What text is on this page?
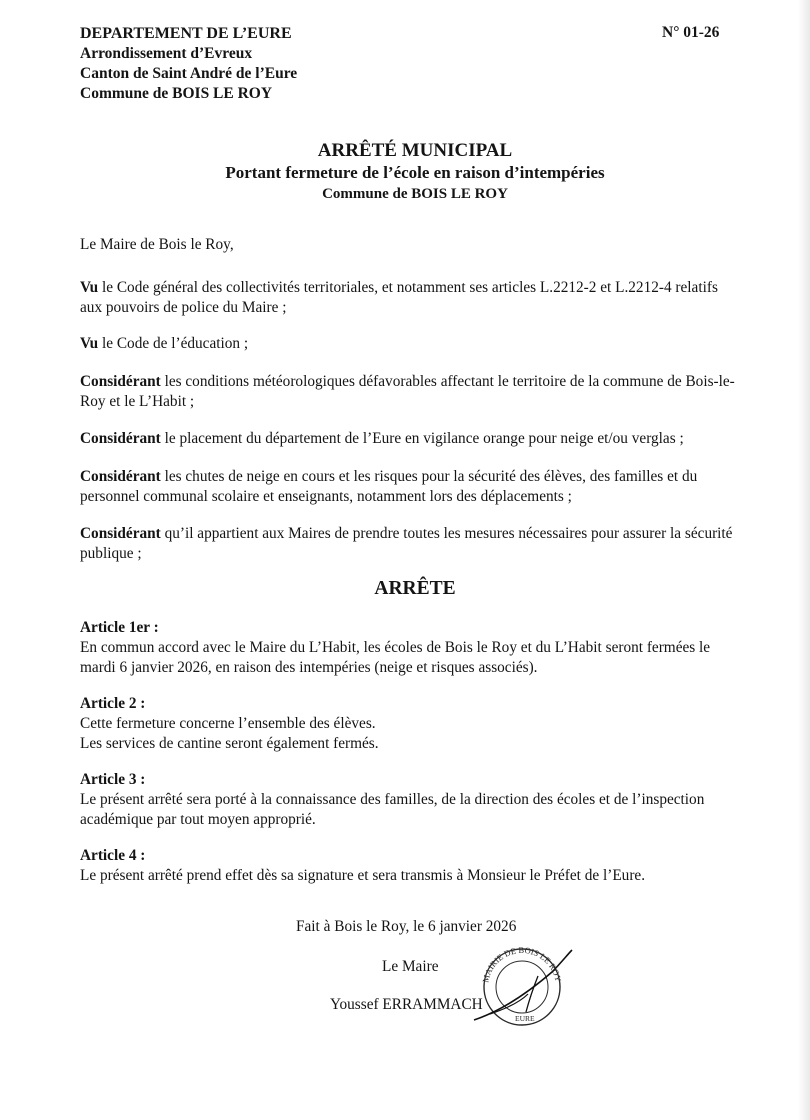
DEPARTEMENT DE L’EURE
Arrondissement d’Evreux
Canton de Saint André de l’Eure
Commune de BOIS LE ROY
N° 01-26
ARRÊTÉ MUNICIPAL
Portant fermeture de l’école en raison d’intempéries
Commune de BOIS LE ROY

Le Maire de Bois le Roy,

Vu le Code général des collectivités territoriales, et notamment ses articles L.2212-2 et L.2212-4 relatifs aux pouvoirs de police du Maire ;

Vu le Code de l’éducation ;

Considérant les conditions météorologiques défavorables affectant le territoire de la commune de Bois-le-Roy et le L’Habit ;

Considérant le placement du département de l’Eure en vigilance orange pour neige et/ou verglas ;

Considérant les chutes de neige en cours et les risques pour la sécurité des élèves, des familles et du personnel communal scolaire et enseignants, notamment lors des déplacements ;

Considérant qu’il appartient aux Maires de prendre toutes les mesures nécessaires pour assurer la sécurité publique ;

ARRÊTE

Article 1er :

En commun accord avec le Maire du L’Habit, les écoles de Bois le Roy et du L’Habit seront fermées le mardi 6 janvier 2026, en raison des intempéries (neige et risques associés).

Article 2 :

Cette fermeture concerne l’ensemble des élèves.

Les services de cantine seront également fermés.

Article 3 :

Le présent arrêté sera porté à la connaissance des familles, de la direction des écoles et de l’inspection académique par tout moyen approprié.

Article 4 :

Le présent arrêté prend effet dès sa signature et sera transmis à Monsieur le Préfet de l’Eure.

Fait à Bois le Roy, le 6 janvier 2026
Le Maire
Youssef ERRAMMACH
MAIRIE DE BOIS LE ROY
EURE
